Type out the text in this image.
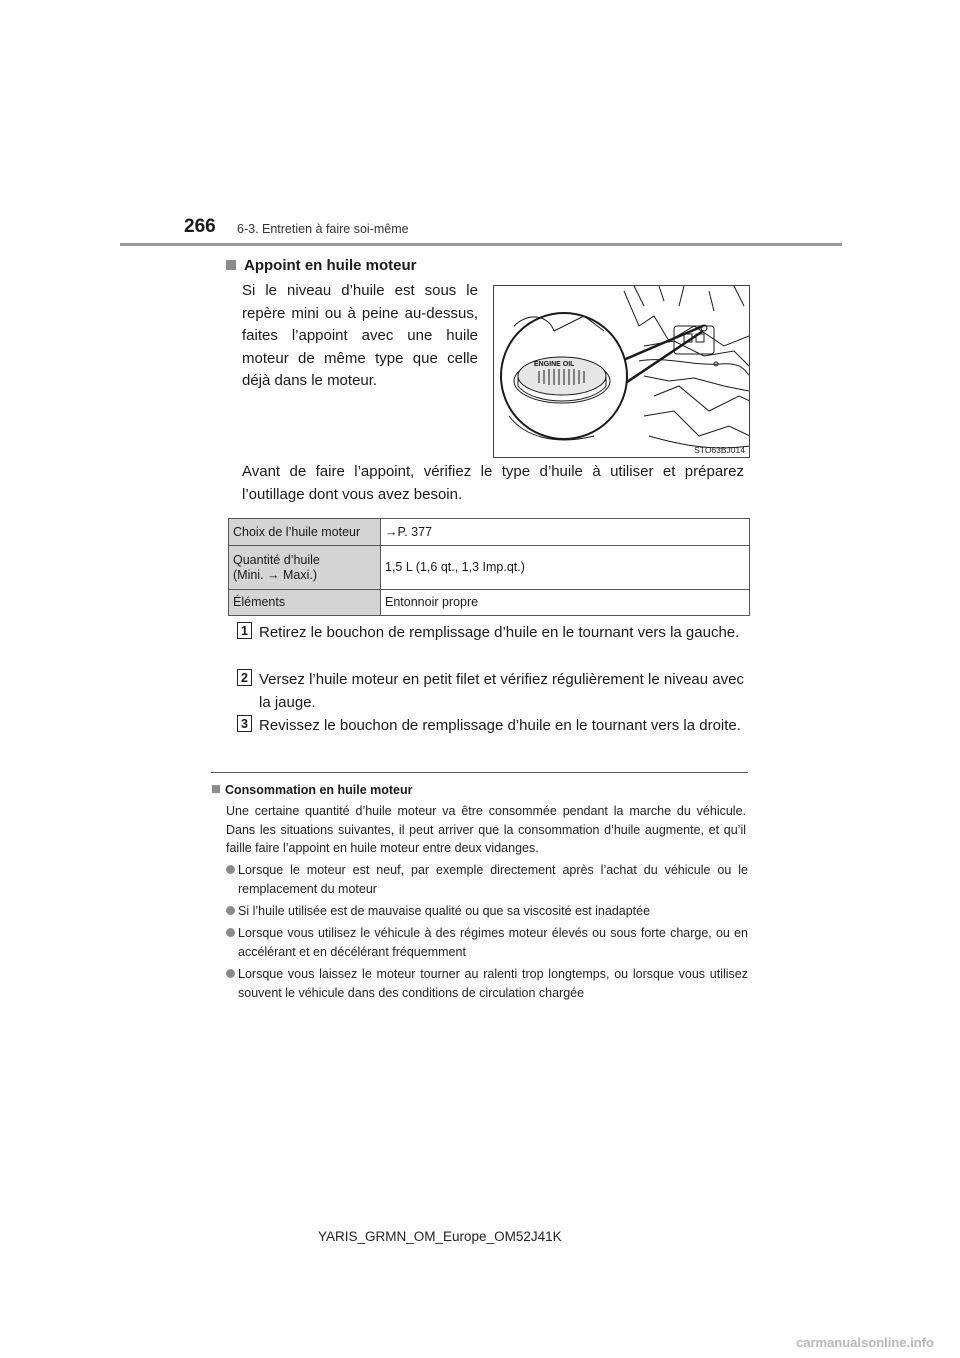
266 6-3. Entretien à faire soi-même
Appoint en huile moteur
Si le niveau d’huile est sous le repère mini ou à peine au-dessus, faites l’appoint avec une huile moteur de même type que celle déjà dans le moteur.
ENGINE OIL
STO63BJ014
Avant de faire l’appoint, vérifiez le type d’huile à utiliser et préparez l’outillage dont vous avez besoin.
Choix de l’huile moteur	→P. 377
Quantité d’huile
(Mini. → Maxi.)	1,5 L (1,6 qt., 1,3 Imp.qt.)
Éléments	Entonnoir propre
1 Retirez le bouchon de remplissage d’huile en le tournant vers la gauche.
2 Versez l’huile moteur en petit filet et vérifiez régulièrement le niveau avec la jauge.
3 Revissez le bouchon de remplissage d’huile en le tournant vers la droite.
Consommation en huile moteur
Une certaine quantité d’huile moteur va être consommée pendant la marche du véhicule. Dans les situations suivantes, il peut arriver que la consommation d’huile augmente, et qu’il faille faire l’appoint en huile moteur entre deux vidanges.
Lorsque le moteur est neuf, par exemple directement après l’achat du véhicule ou le remplacement du moteur
Si l’huile utilisée est de mauvaise qualité ou que sa viscosité est inadaptée
Lorsque vous utilisez le véhicule à des régimes moteur élevés ou sous forte charge, ou en accélérant et en décélérant fréquemment
Lorsque vous laissez le moteur tourner au ralenti trop longtemps, ou lorsque vous utilisez souvent le véhicule dans des conditions de circulation chargée
YARIS_GRMN_OM_Europe_OM52J41K
carmanualsonline.info
